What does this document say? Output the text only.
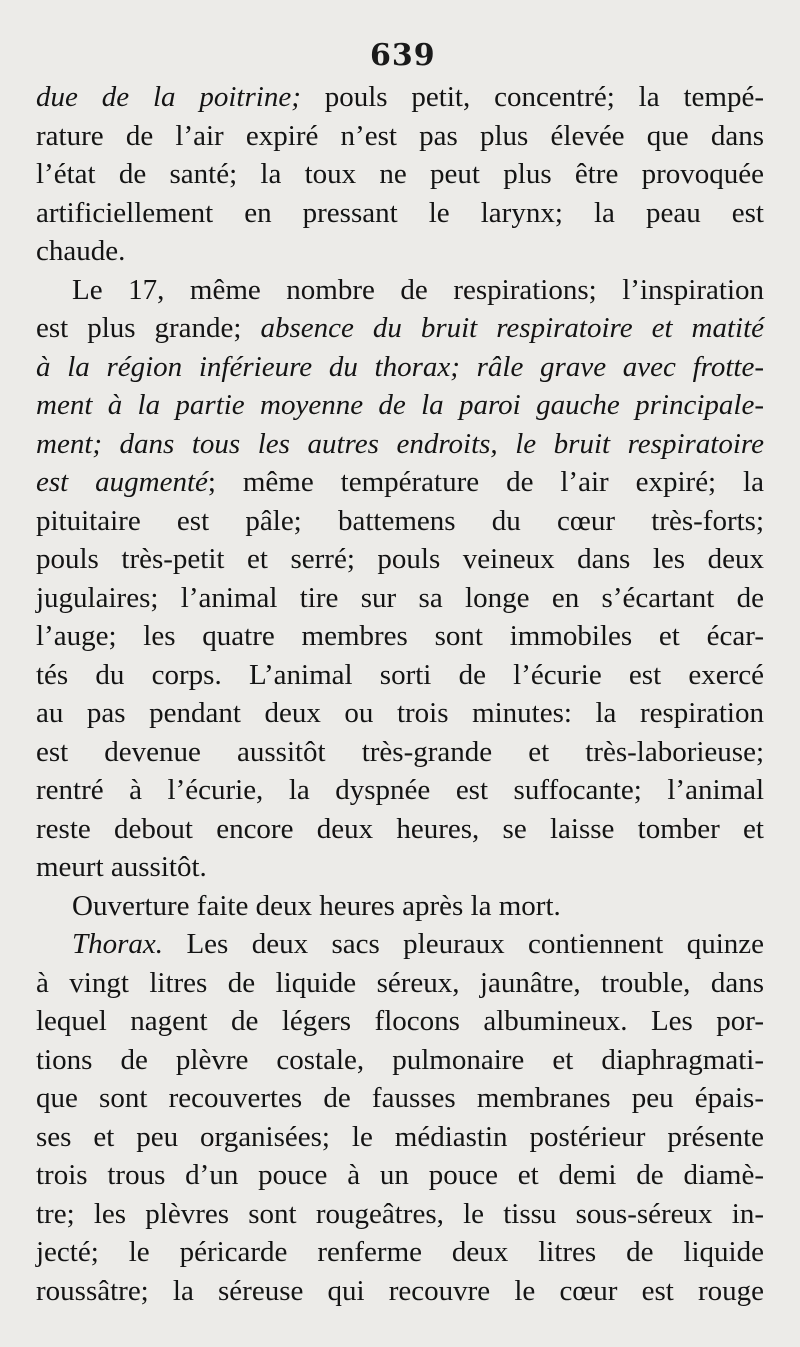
639
due de la poitrine; pouls petit, concentré; la tempé-
rature de l’air expiré n’est pas plus élevée que dans
l’état de santé; la toux ne peut plus être provoquée
artificiellement en pressant le larynx; la peau est
chaude.
Le 17, même nombre de respirations; l’inspiration
est plus grande; absence du bruit respiratoire et matité
à la région inférieure du thorax; râle grave avec frotte-
ment à la partie moyenne de la paroi gauche principale-
ment; dans tous les autres endroits, le bruit respiratoire
est augmenté; même température de l’air expiré; la
pituitaire est pâle; battemens du cœur très-forts;
pouls très-petit et serré; pouls veineux dans les deux
jugulaires; l’animal tire sur sa longe en s’écartant de
l’auge; les quatre membres sont immobiles et écar-
tés du corps. L’animal sorti de l’écurie est exercé
au pas pendant deux ou trois minutes: la respiration
est devenue aussitôt très-grande et très-laborieuse;
rentré à l’écurie, la dyspnée est suffocante; l’animal
reste debout encore deux heures, se laisse tomber et
meurt aussitôt.
Ouverture faite deux heures après la mort.
Thorax. Les deux sacs pleuraux contiennent quinze
à vingt litres de liquide séreux, jaunâtre, trouble, dans
lequel nagent de légers flocons albumineux. Les por-
tions de plèvre costale, pulmonaire et diaphragmati-
que sont recouvertes de fausses membranes peu épais-
ses et peu organisées; le médiastin postérieur présente
trois trous d’un pouce à un pouce et demi de diamè-
tre; les plèvres sont rougeâtres, le tissu sous-séreux in-
jecté; le péricarde renferme deux litres de liquide
roussâtre; la séreuse qui recouvre le cœur est rouge
